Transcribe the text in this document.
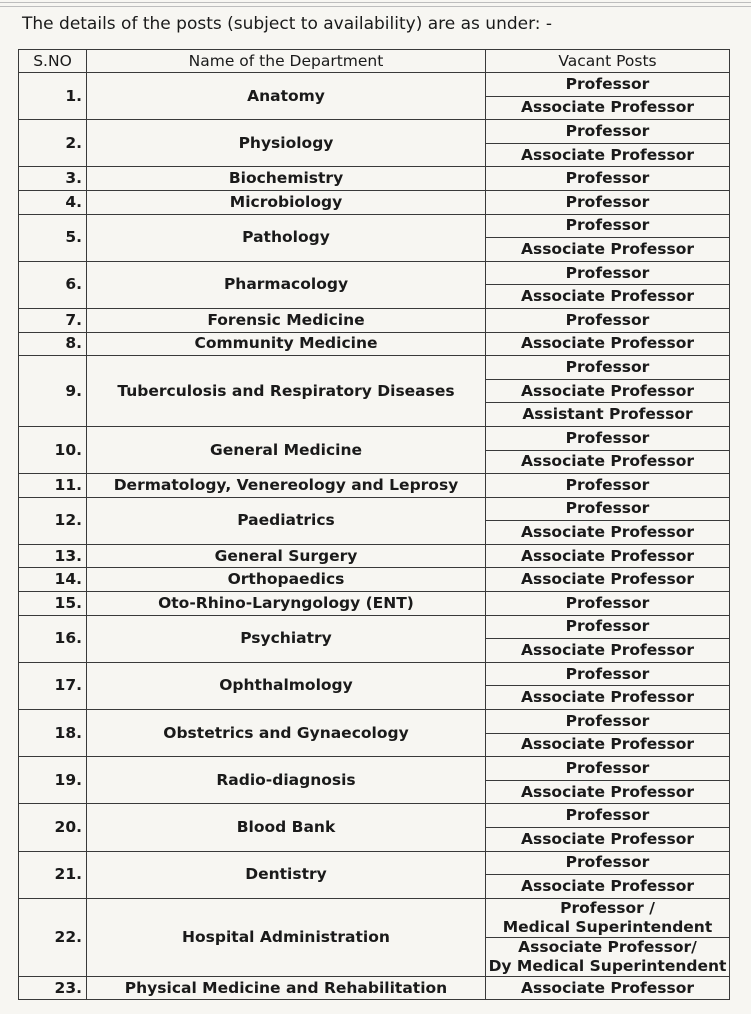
The details of the posts (subject to availability) are as under: -
S.NO	Name of the Department	Vacant Posts
1.	Anatomy	Professor
		Associate Professor
2.	Physiology	Professor
		Associate Professor
3.	Biochemistry	Professor
4.	Microbiology	Professor
5.	Pathology	Professor
		Associate Professor
6.	Pharmacology	Professor
		Associate Professor
7.	Forensic Medicine	Professor
8.	Community Medicine	Associate Professor
9.	Tuberculosis and Respiratory Diseases	Professor
		Associate Professor
		Assistant Professor
10.	General Medicine	Professor
		Associate Professor
11.	Dermatology, Venereology and Leprosy	Professor
12.	Paediatrics	Professor
		Associate Professor
13.	General Surgery	Associate Professor
14.	Orthopaedics	Associate Professor
15.	Oto-Rhino-Laryngology (ENT)	Professor
16.	Psychiatry	Professor
		Associate Professor
17.	Ophthalmology	Professor
		Associate Professor
18.	Obstetrics and Gynaecology	Professor
		Associate Professor
19.	Radio-diagnosis	Professor
		Associate Professor
20.	Blood Bank	Professor
		Associate Professor
21.	Dentistry	Professor
		Associate Professor
22.	Hospital Administration	Professor /
Medical Superintendent

		Associate Professor/
Dy Medical Superintendent

23.	Physical Medicine and Rehabilitation	Associate Professor
